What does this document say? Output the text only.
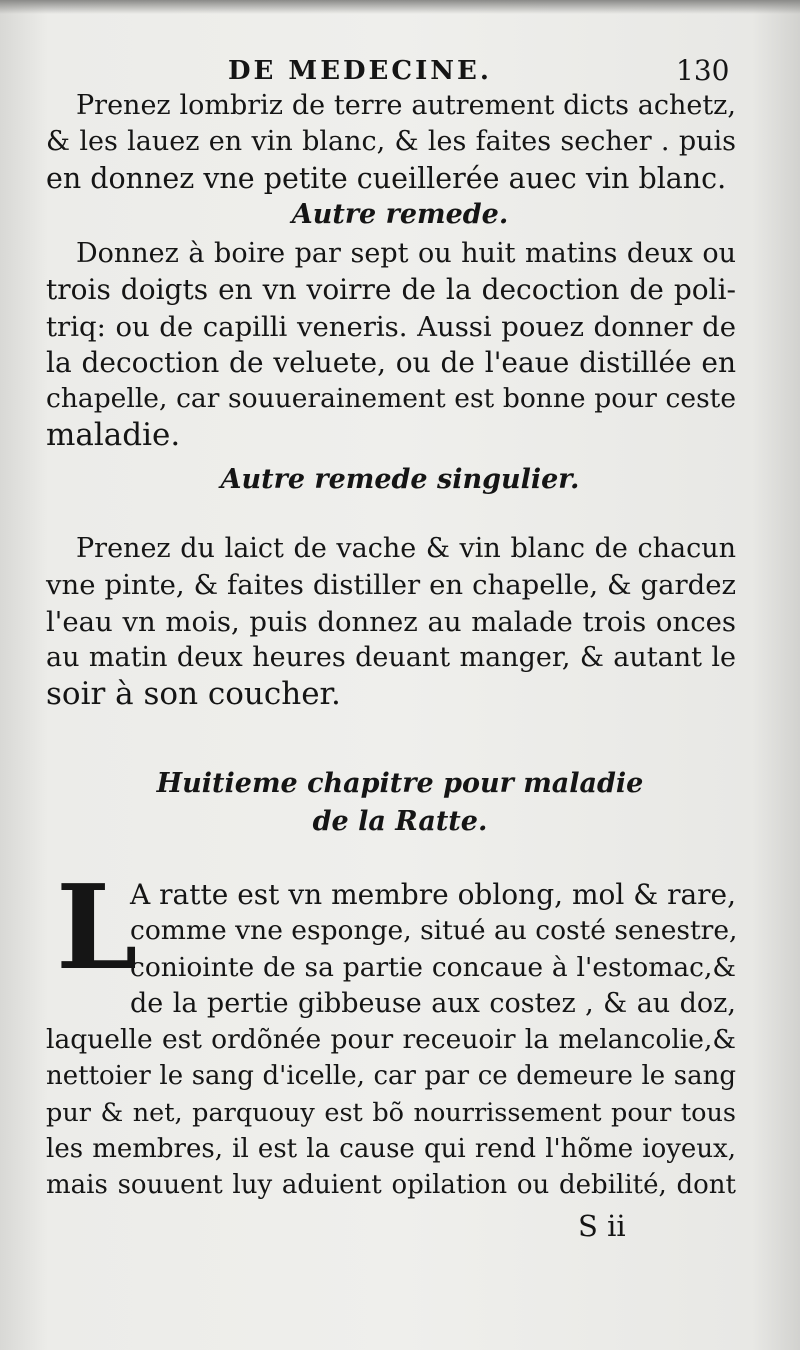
DE MEDECINE.	130
Prenez lombriz de terre autrement dicts achetz,
& les lauez en vin blanc, & les faites secher . puis
en donnez vne petite cueillerée auec vin blanc.
Autre remede.
Donnez à boire par sept ou huit matins deux ou
trois doigts en vn voirre de la decoction de poli-
triq: ou de capilli veneris. Aussi pouez donner de
la decoction de veluete, ou de l'eaue distillée en
chapelle, car souuerainement est bonne pour ceste
maladie.
Autre remede singulier.
Prenez du laict de vache & vin blanc de chacun
vne pinte, & faites distiller en chapelle, & gardez
l'eau vn mois, puis donnez au malade trois onces
au matin deux heures deuant manger, & autant le
soir à son coucher.
Huitieme chapitre pour maladie
de la Ratte.
L
A ratte est vn membre oblong, mol & rare,
comme vne esponge, situé au costé senestre,
coniointe de sa partie concaue à l'estomac,&
de la pertie gibbeuse aux costez , & au doz,
laquelle est ordõnée pour receuoir la melancolie,&
nettoier le sang d'icelle, car par ce demeure le sang
pur & net, parquouy est bõ nourrissement pour tous
les membres, il est la cause qui rend l'hõme ioyeux,
mais souuent luy aduient opilation ou debilité, dont
S ii
